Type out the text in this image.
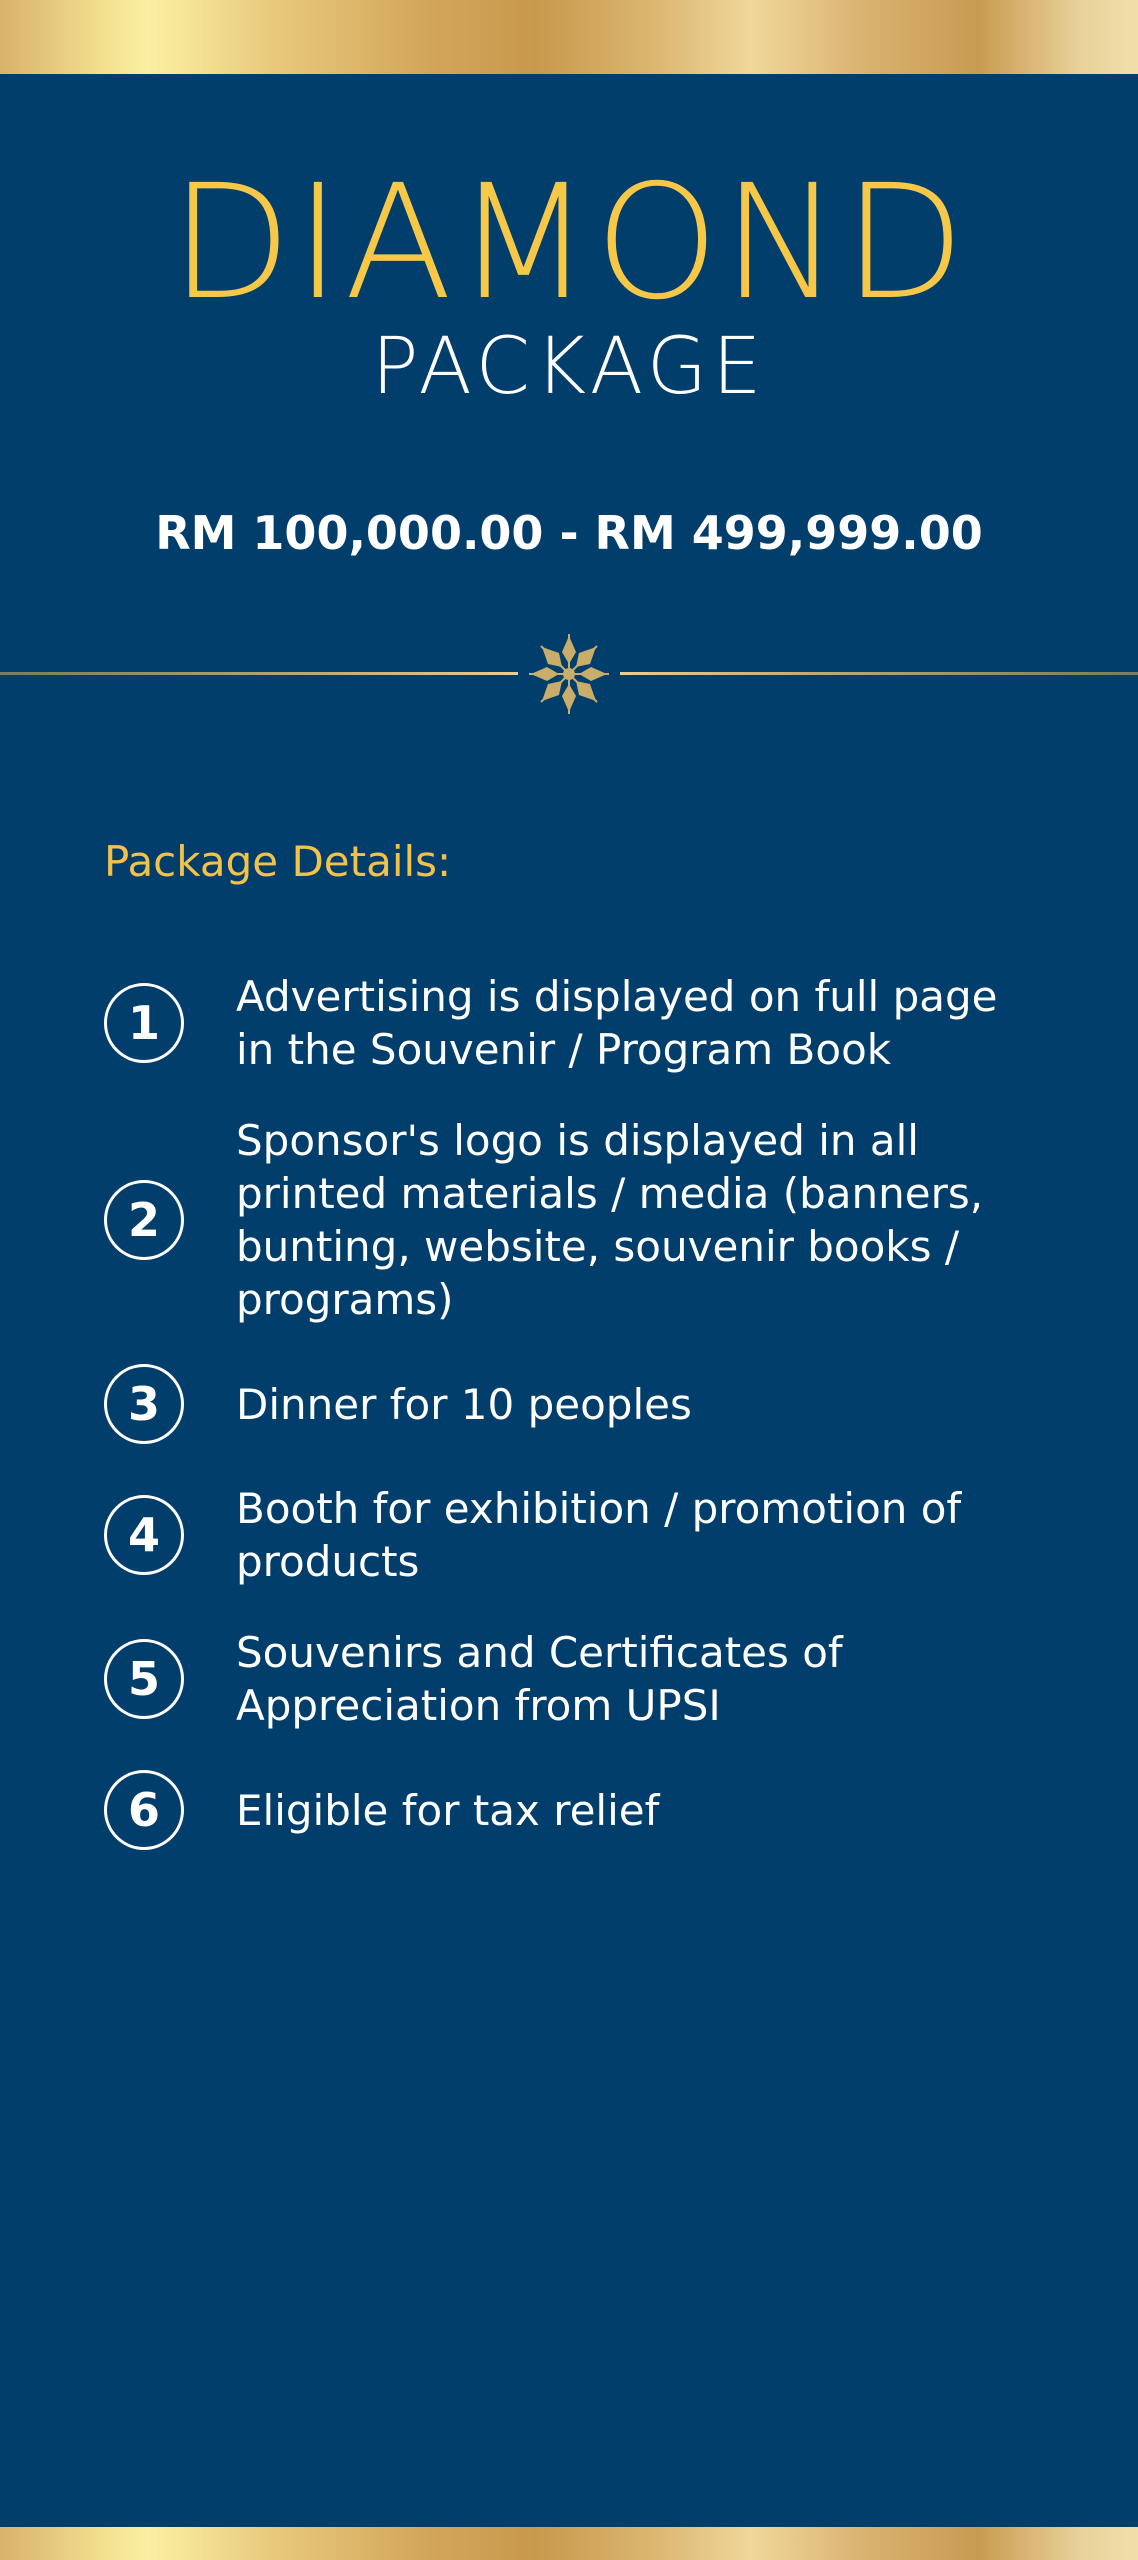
DIAMOND
PACKAGE
RM 100,000.00 - RM 499,999.00
Package Details:
1	Advertising is displayed on full page in the Souvenir / Program Book
2
Sponsor's logo is displayed in all printed materials / media (banners, bunting, website, souvenir books / programs)
3	Dinner for 10 peoples
4	Booth for exhibition / promotion of products
5	Souvenirs and Certificates of Appreciation from UPSI
6	Eligible for tax relief
